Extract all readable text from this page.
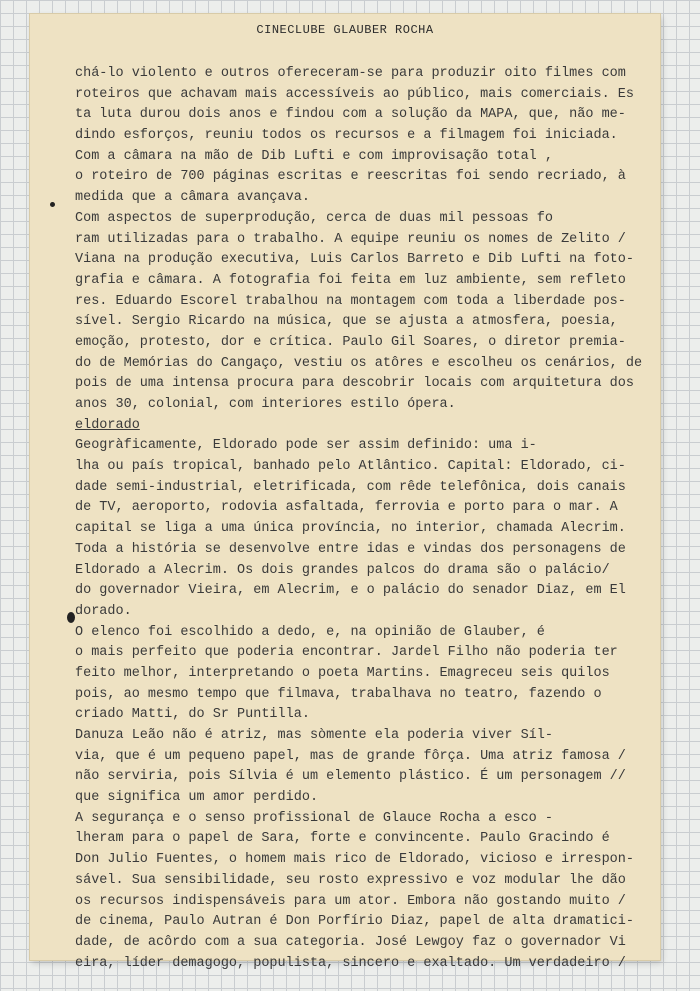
CINECLUBE GLAUBER ROCHA
chá-lo violento e outros ofereceram-se para produzir oito filmes com
roteiros que achavam mais accessíveis ao público, mais comerciais. Es
ta luta durou dois anos e findou com a solução da MAPA, que, não me-
dindo esforços, reuniu todos os recursos e a filmagem foi iniciada.
Com a câmara na mão de Dib Lufti e com improvisação total ,
o roteiro de 700 páginas escritas e reescritas foi sendo recriado, à
medida que a câmara avançava.
Com aspectos de superprodução, cerca de duas mil pessoas fo
ram utilizadas para o trabalho. A equipe reuniu os nomes de Zelito /
Viana na produção executiva, Luis Carlos Barreto e Dib Lufti na foto-
grafia e câmara. A fotografia foi feita em luz ambiente, sem refleto
res. Eduardo Escorel trabalhou na montagem com toda a liberdade pos-
sível. Sergio Ricardo na música, que se ajusta a atmosfera, poesia,
emoção, protesto, dor e crítica. Paulo Gil Soares, o diretor premia-
do de Memórias do Cangaço, vestiu os atôres e escolheu os cenários, de
pois de uma intensa procura para descobrir locais com arquitetura dos
anos 30, colonial, com interiores estilo ópera.
eldorado
Geogràficamente, Eldorado pode ser assim definido: uma i-
lha ou país tropical, banhado pelo Atlântico. Capital: Eldorado, ci-
dade semi-industrial, eletrificada, com rêde telefônica, dois canais
de TV, aeroporto, rodovia asfaltada, ferrovia e porto para o mar. A
capital se liga a uma única província, no interior, chamada Alecrim.
Toda a história se desenvolve entre idas e vindas dos personagens de
Eldorado a Alecrim. Os dois grandes palcos do drama são o palácio/
do governador Vieira, em Alecrim, e o palácio do senador Diaz, em El
dorado.
O elenco foi escolhido a dedo, e, na opinião de Glauber, é
o mais perfeito que poderia encontrar. Jardel Filho não poderia ter
feito melhor, interpretando o poeta Martins. Emagreceu seis quilos
pois, ao mesmo tempo que filmava, trabalhava no teatro, fazendo o
criado Matti, do Sr Puntilla.
Danuza Leão não é atriz, mas sòmente ela poderia viver Síl-
via, que é um pequeno papel, mas de grande fôrça. Uma atriz famosa /
não serviria, pois Sílvia é um elemento plástico. É um personagem //
que significa um amor perdido.
A segurança e o senso profissional de Glauce Rocha a esco -
lheram para o papel de Sara, forte e convincente. Paulo Gracindo é
Don Julio Fuentes, o homem mais rico de Eldorado, vicioso e irrespon-
sável. Sua sensibilidade, seu rosto expressivo e voz modular lhe dão
os recursos indispensáveis para um ator. Embora não gostando muito /
de cinema, Paulo Autran é Don Porfírio Diaz, papel de alta dramatici-
dade, de acôrdo com a sua categoria. José Lewgoy faz o governador Vi
eira, líder demagogo, populista, sincero e exaltado. Um verdadeiro /
